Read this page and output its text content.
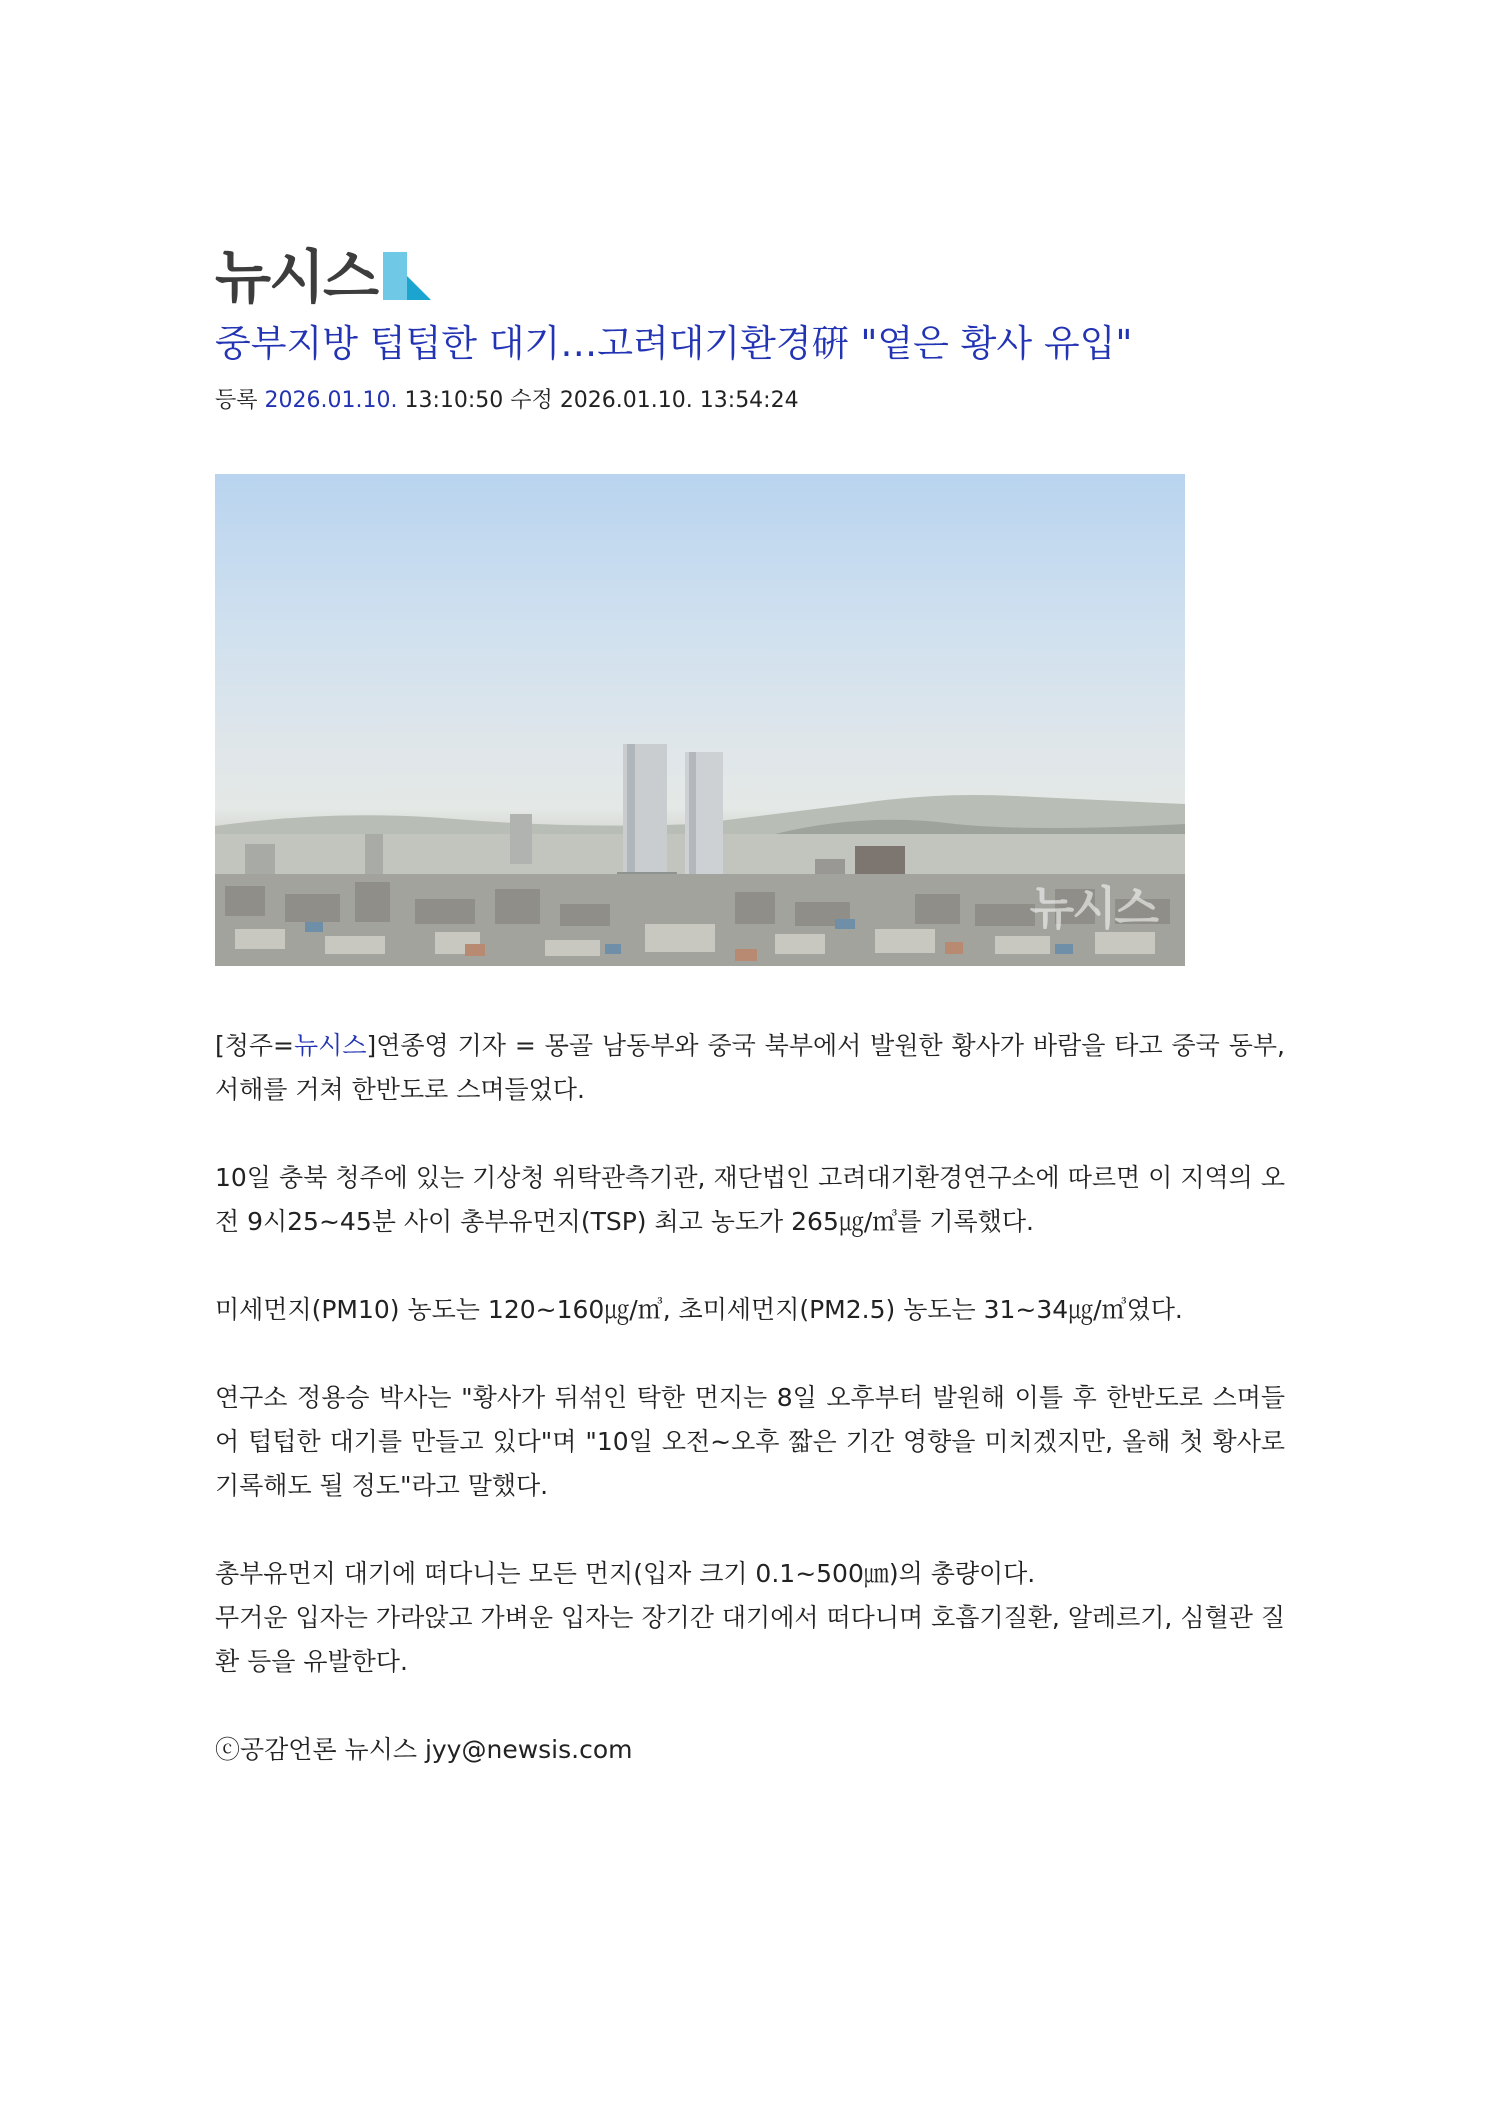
뉴시스
중부지방 텁텁한 대기…고려대기환경硏 "옅은 황사 유입"
등록 2026.01.10. 13:10:50 수정 2026.01.10. 13:54:24
뉴시스

[청주=뉴시스]연종영 기자 = 몽골 남동부와 중국 북부에서 발원한 황사가 바람을 타고 중국 동부, 서해를 거쳐 한반도로 스며들었다.

10일 충북 청주에 있는 기상청 위탁관측기관, 재단법인 고려대기환경연구소에 따르면 이 지역의 오전 9시25~45분 사이 총부유먼지(TSP) 최고 농도가 265㎍/㎥를 기록했다.

미세먼지(PM10) 농도는 120~160㎍/㎥, 초미세먼지(PM2.5) 농도는 31~34㎍/㎥였다.

연구소 정용승 박사는 "황사가 뒤섞인 탁한 먼지는 8일 오후부터 발원해 이틀 후 한반도로 스며들어 텁텁한 대기를 만들고 있다"며 "10일 오전~오후 짧은 기간 영향을 미치겠지만, 올해 첫 황사로 기록해도 될 정도"라고 말했다.

총부유먼지 대기에 떠다니는 모든 먼지(입자 크기 0.1~500㎛)의 총량이다.

무거운 입자는 가라앉고 가벼운 입자는 장기간 대기에서 떠다니며 호흡기질환, 알레르기, 심혈관 질환 등을 유발한다.

ⓒ공감언론 뉴시스 jyy@newsis.com
